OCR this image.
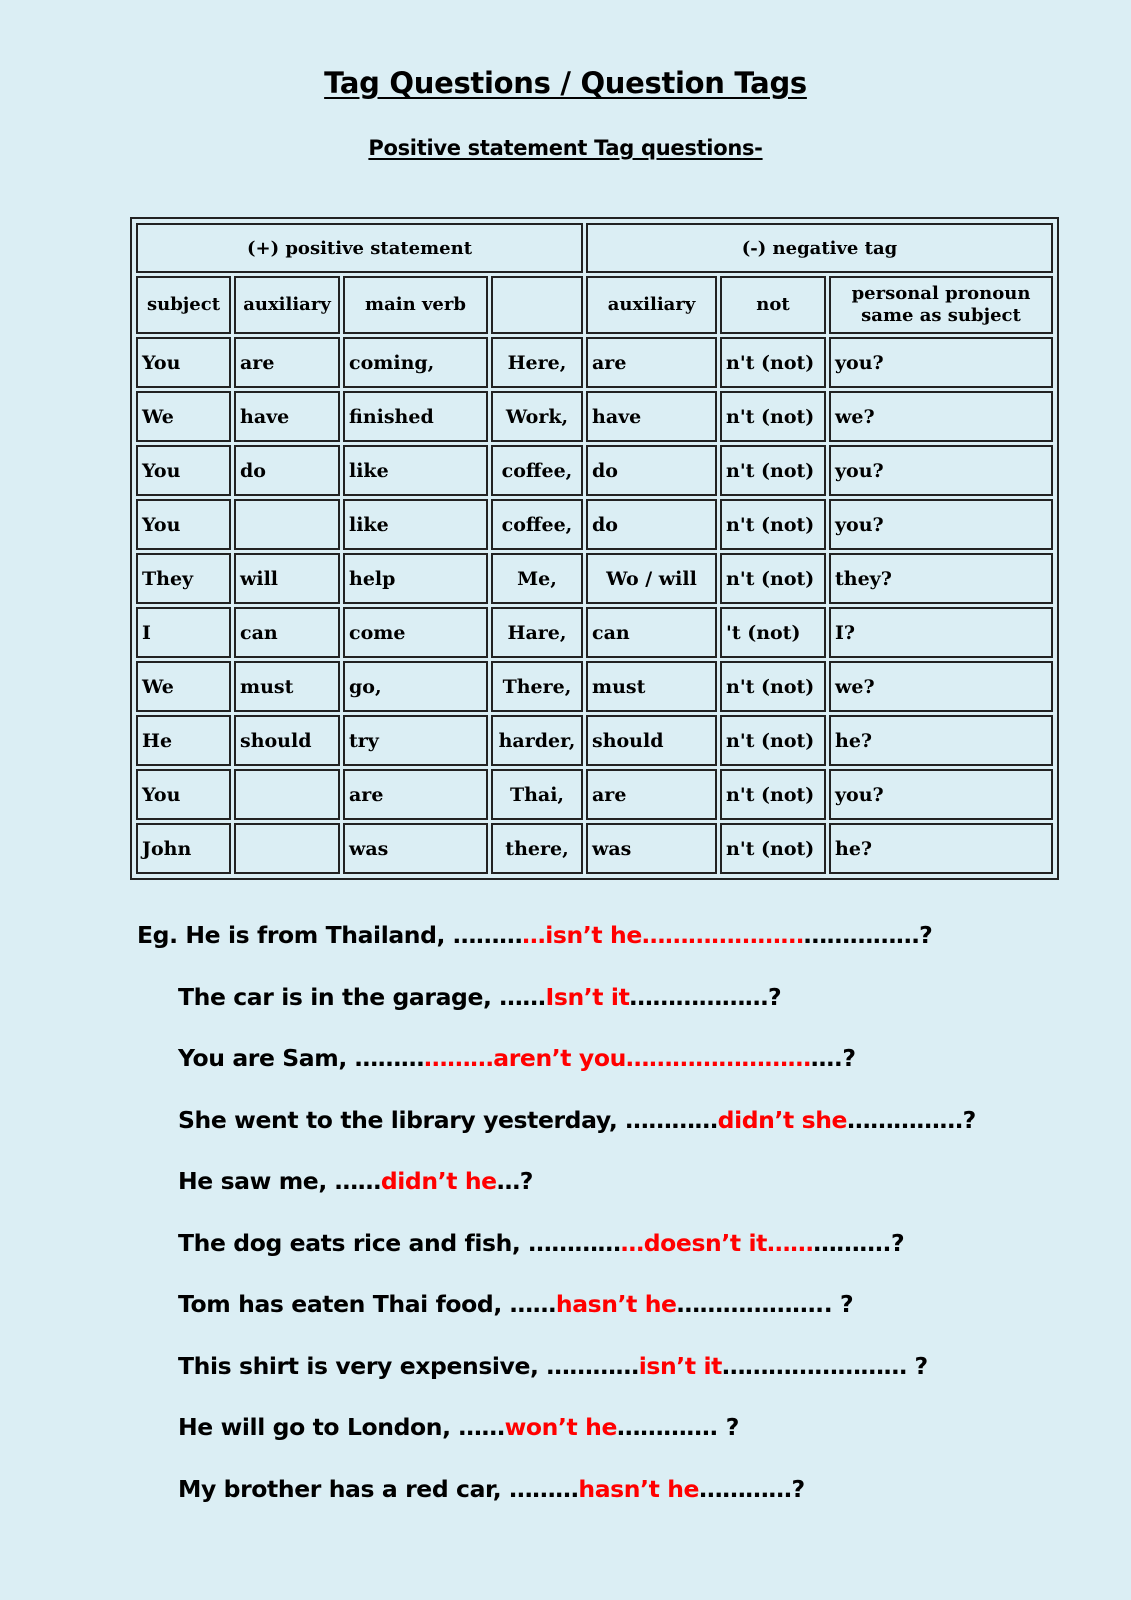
Tag Questions / Question Tags
Positive statement Tag questions-
(+) positive statement				(-) negative tag		
subject	auxiliary	main verb		auxiliary	not	personal pronoun same as subject
You	are	coming,	Here,	are	n't (not)	you?
We	have	finished	Work,	have	n't (not)	we?
You	do	like	coffee,	do	n't (not)	you?
You		like	coffee,	do	n't (not)	you?
They	will	help	Me,	Wo / will	n't (not)	they?
I	can	come	Hare,	can	't (not)	I?
We	must	go,	There,	must	n't (not)	we?
He	should	try	harder,	should	n't (not)	he?
You		are	Thai,	are	n't (not)	you?
John		was	there,	was	n't (not)	he?
Eg. He is from Thailand, …………isn’t he………………………………?
The car is in the garage, ……Isn’t it………………?
You are Sam, ………………aren’t you……………………….?
She went to the library yesterday, …………didn’t she……………?
He saw me, ……didn’t he…?
The dog eats rice and fish, ……………doesn’t it…………….?
Tom has eaten Thai food, ……hasn’t he……………….. ?
This shirt is very expensive, …………isn’t it…………………… ?
He will go to London, ……won’t he…………. ?
My brother has a red car, ………hasn’t he…………?
